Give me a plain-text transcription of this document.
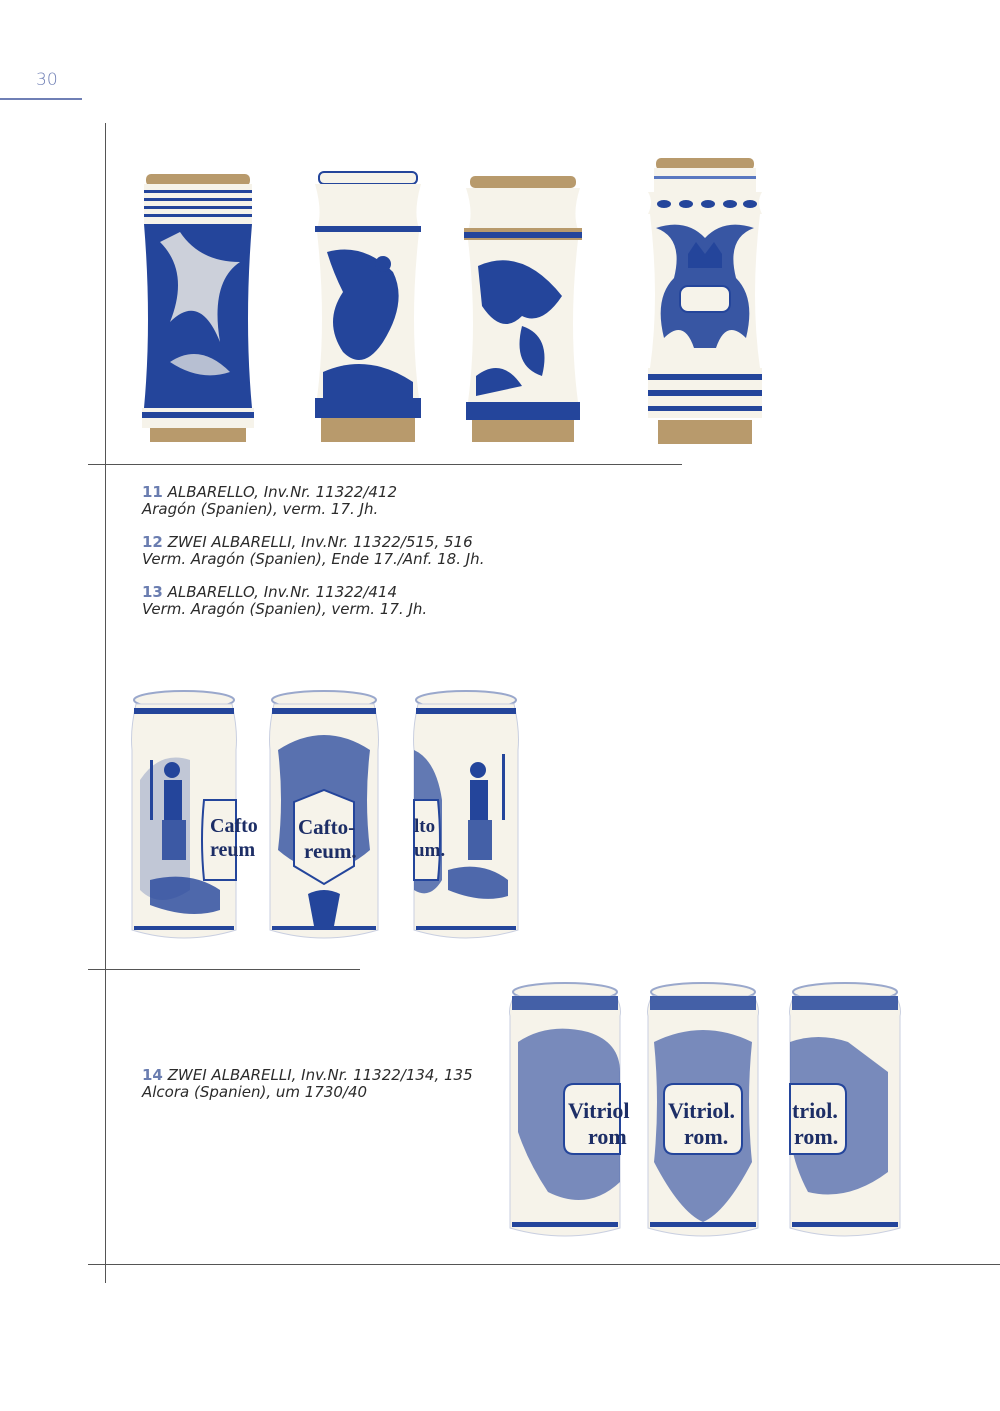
30

11 ALBARELLO, Inv.Nr. 11322/412

Aragón (Spanien), verm. 17. Jh.

12 ZWEI ALBARELLI, Inv.Nr. 11322/515, 516

Verm. Aragón (Spanien), Ende 17./Anf. 18. Jh.

13 ALBARELLO, Inv.Nr. 11322/414

Verm. Aragón (Spanien), verm. 17. Jh.

Cafto
reum
Cafto-
reum.
lto
um.

14 ZWEI ALBARELLI, Inv.Nr. 11322/134, 135

Alcora (Spanien), um 1730/40

Vitriol
rom
Vitriol.
rom.
triol.
rom.
